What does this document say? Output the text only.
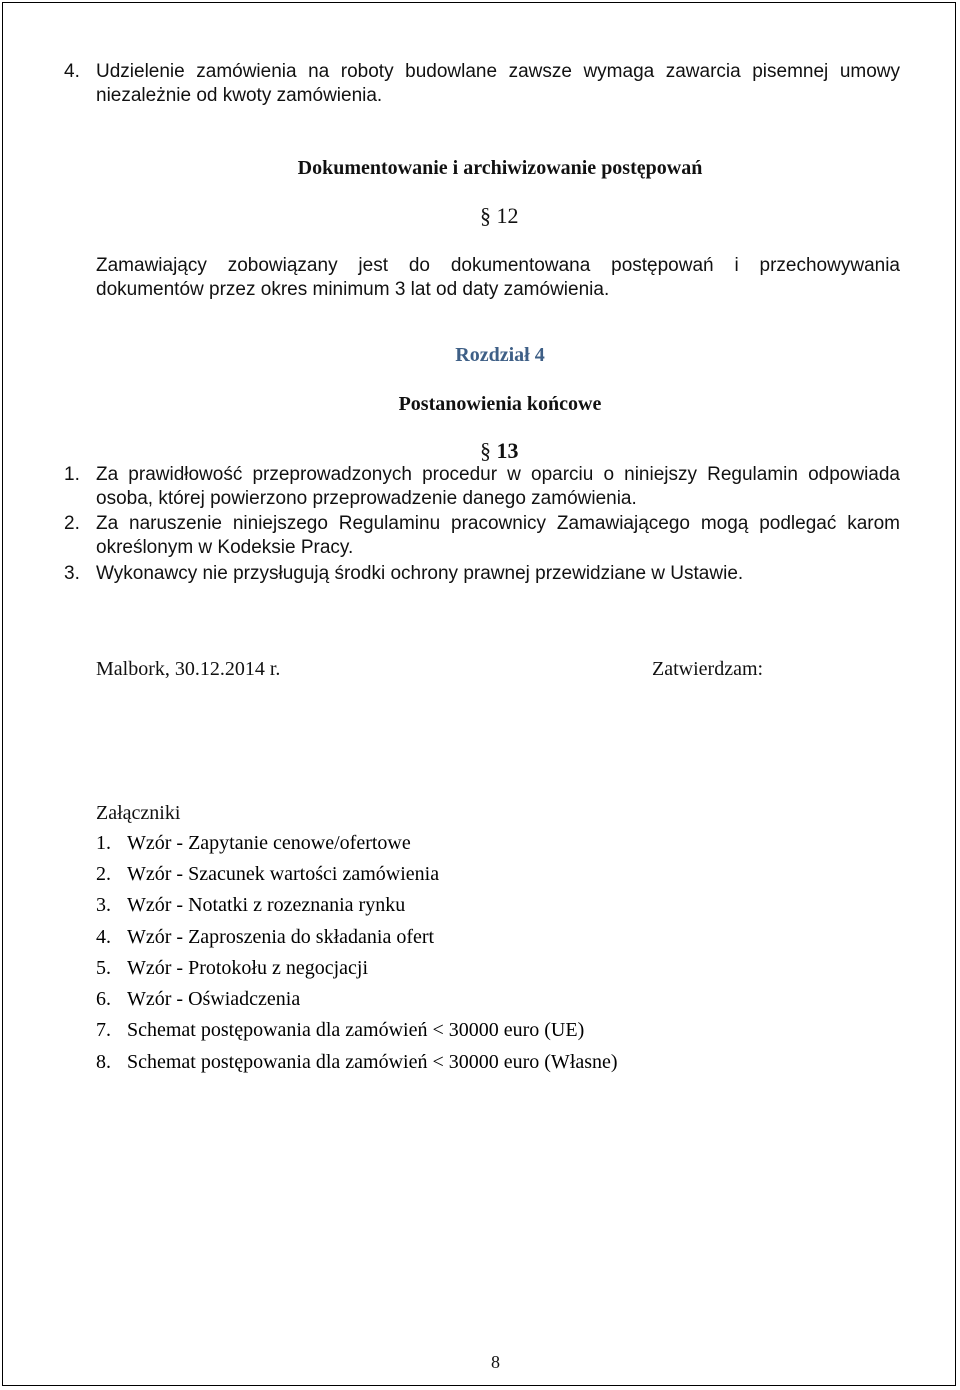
4. Udzielenie zamówienia na roboty budowlane zawsze wymaga zawarcia pisemnej umowy niezależnie od kwoty zamówienia.

Dokumentowanie i archiwizowanie postępowań
§ 12

Zamawiający zobowiązany jest do dokumentowana postępowań i przechowywania dokumentów przez okres minimum 3 lat od daty zamówienia.

Rozdział 4
Postanowienia końcowe
§ 13
1. Za prawidłowość przeprowadzonych procedur w oparciu o niniejszy Regulamin odpowiada osoba, której powierzono przeprowadzenie danego zamówienia.

2. Za naruszenie niniejszego Regulaminu pracownicy Zamawiającego mogą podlegać karom określonym w Kodeksie Pracy.

3. Wykonawcy nie przysługują środki ochrony prawnej przewidziane w Ustawie.

Malbork, 30.12.2014 r.	Zatwierdzam:
Załączniki
1. Wzór - Zapytanie cenowe/ofertowe
2. Wzór - Szacunek wartości zamówienia
3. Wzór - Notatki z rozeznania rynku
4. Wzór - Zaproszenia do składania ofert
5. Wzór - Protokołu z negocjacji
6. Wzór - Oświadczenia
7. Schemat postępowania dla zamówień < 30000 euro (UE)
8. Schemat postępowania dla zamówień < 30000 euro (Własne)
8
